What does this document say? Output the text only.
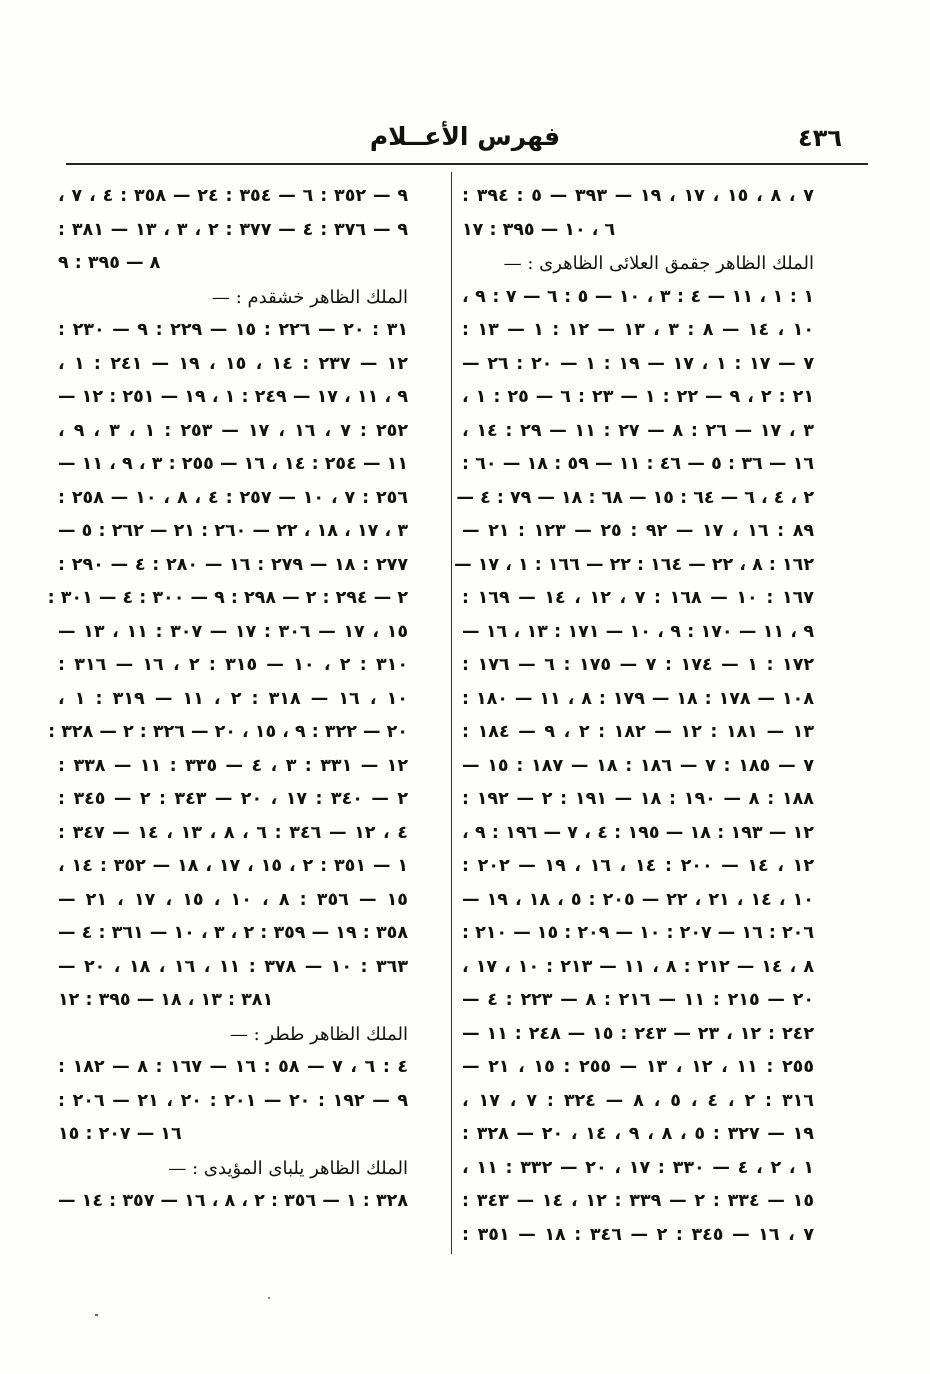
٤٣٦
فهرس الأعــلام
٧ ، ٨ ، ١٥ ، ١٧ ، ١٩ — ٣٩٣ — ٥ : ٣٩٤ :
٦ ، ١٠ — ٣٩٥ : ١٧
الملك الظاهر جقمق العلائى الظاهرى : —
١ : ١ ، ١١ — ٤ : ٣ ، ١٠ — ٥ : ٦ — ٧ : ٩ ،
١٠ ، ١٤ — ٨ : ٣ ، ١٣ — ١٢ : ١ — ١٣ :
٧ — ١٧ : ١ ، ١٧ — ١٩ : ١ — ٢٠ : ٢٦ —
٢١ : ٢ ، ٩ — ٢٢ : ١ — ٢٣ : ٦ — ٢٥ : ١ ،
٣ ، ١٧ — ٢٦ : ٨ — ٢٧ : ١١ — ٢٩ : ١٤ ،
١٦ — ٣٦ : ٥ — ٤٦ : ١١ — ٥٩ : ١٨ — ٦٠ :
٢ ، ٤ ، ٦ — ٦٤ : ١٥ — ٦٨ : ١٨ — ٧٩ : ٤ —
٨٩ : ١٦ ، ١٧ — ٩٢ : ٢٥ — ١٢٣ : ٢١ —
١٦٢ : ٨ ، ٢٢ — ١٦٤ : ٢٢ — ١٦٦ : ١ ، ١٧ —
١٦٧ : ١٠ — ١٦٨ : ٧ ، ١٢ ، ١٤ — ١٦٩ :
٩ ، ١١ — ١٧٠ : ٩ ، ١٠ — ١٧١ : ١٣ ، ١٦ —
١٧٢ : ١ — ١٧٤ : ٧ — ١٧٥ : ٦ — ١٧٦ :
١٠٨ — ١٧٨ : ١٨ — ١٧٩ : ٨ ، ١١ — ١٨٠ :
١٣ — ١٨١ : ١٢ — ١٨٢ : ٢ ، ٩ — ١٨٤ :
٧ — ١٨٥ : ٧ — ١٨٦ : ١٨ — ١٨٧ : ١٥ —
١٨٨ : ٨ — ١٩٠ : ١٨ — ١٩١ : ٢ — ١٩٢ :
١٢ — ١٩٣ : ١٨ — ١٩٥ : ٤ ، ٧ — ١٩٦ : ٩ ،
١٢ ، ١٤ — ٢٠٠ : ١٤ ، ١٦ ، ١٩ — ٢٠٢ :
١٠ ، ١٤ ، ٢١ ، ٢٢ — ٢٠٥ : ٥ ، ١٨ ، ١٩ —
٢٠٦ : ١٦ — ٢٠٧ : ١٠ — ٢٠٩ : ١٥ — ٢١٠ :
٨ ، ١٤ — ٢١٢ : ٨ ، ١١ — ٢١٣ : ١٠ ، ١٧ ،
٢٠ — ٢١٥ : ١١ — ٢١٦ : ٨ — ٢٢٣ : ٤ —
٢٤٢ : ١٢ ، ٢٣ — ٢٤٣ : ١٥ — ٢٤٨ : ١١ —
٢٥٥ : ١١ ، ١٢ ، ١٣ — ٢٥٥ : ١٥ ، ٢١ —
٣١٦ : ٢ ، ٤ ، ٥ ، ٨ — ٣٢٤ : ٧ ، ١٧ ،
١٩ — ٣٢٧ : ٥ ، ٨ ، ٩ ، ١٤ ، ٢٠ — ٣٢٨ :
١ ، ٢ ، ٤ — ٣٣٠ : ١٧ ، ٢٠ — ٣٣٢ : ١١ ،
١٥ — ٣٣٤ : ٢ — ٣٣٩ : ١٢ ، ١٤ — ٣٤٣ :
٧ ، ١٦ — ٣٤٥ : ٢ — ٣٤٦ : ١٨ — ٣٥١ :
٩ — ٣٥٢ : ٦ — ٣٥٤ : ٢٤ — ٣٥٨ : ٤ ، ٧ ،
٩ — ٣٧٦ : ٤ — ٣٧٧ : ٢ ، ٣ ، ١٣ — ٣٨١ :
٨ — ٣٩٥ : ٩
الملك الظاهر خشقدم : —
٣١ : ٢٠ — ٢٢٦ : ١٥ — ٢٢٩ : ٩ — ٢٣٠ :
١٢ — ٢٣٧ : ١٤ ، ١٥ ، ١٩ — ٢٤١ : ١ ،
٩ ، ١١ ، ١٧ — ٢٤٩ : ١ ، ١٩ — ٢٥١ : ١٢ —
٢٥٢ : ٧ ، ١٦ ، ١٧ — ٢٥٣ : ١ ، ٣ ، ٩ ،
١١ — ٢٥٤ : ١٤ ، ١٦ — ٢٥٥ : ٣ ، ٩ ، ١١ —
٢٥٦ : ٧ ، ١٠ — ٢٥٧ : ٤ ، ٨ ، ١٠ — ٢٥٨ :
٣ ، ١٧ ، ١٨ ، ٢٢ — ٢٦٠ : ٢١ — ٢٦٢ : ٥ —
٢٧٧ : ١٨ — ٢٧٩ : ١٦ — ٢٨٠ : ٤ — ٢٩٠ :
٢ — ٢٩٤ : ٢ — ٢٩٨ : ٩ — ٣٠٠ : ٤ — ٣٠١ :
١٥ ، ١٧ — ٣٠٦ : ١٧ — ٣٠٧ : ١١ ، ١٣ —
٣١٠ : ٢ ، ١٠ — ٣١٥ : ٢ ، ١٦ — ٣١٦ :
١٠ ، ١٦ — ٣١٨ : ٢ ، ١١ — ٣١٩ : ١ ،
٢٠ — ٣٢٢ : ٩ ، ١٥ ، ٢٠ — ٣٢٦ : ٢ — ٣٢٨ :
١٢ — ٣٣١ : ٣ ، ٤ — ٣٣٥ : ١١ — ٣٣٨ :
٢ — ٣٤٠ : ١٧ ، ٢٠ — ٣٤٣ : ٢ — ٣٤٥ :
٤ ، ١٢ — ٣٤٦ : ٦ ، ٨ ، ١٣ ، ١٤ — ٣٤٧ :
١ — ٣٥١ : ٢ ، ١٥ ، ١٧ ، ١٨ — ٣٥٢ : ١٤ ،
١٥ — ٣٥٦ : ٨ ، ١٠ ، ١٥ ، ١٧ ، ٢١ —
٣٥٨ : ١٩ — ٣٥٩ : ٢ ، ٣ ، ١٠ — ٣٦١ : ٤ —
٣٦٣ : ١٠ — ٣٧٨ : ١١ ، ١٦ ، ١٨ ، ٢٠ —
٣٨١ : ١٣ ، ١٨ — ٣٩٥ : ١٢
الملك الظاهر ططر : —
٤ : ٦ ، ٧ — ٥٨ : ١٦ — ١٦٧ : ٨ — ١٨٢ :
٩ — ١٩٢ : ٢٠ — ٢٠١ : ٢٠ ، ٢١ — ٢٠٦ :
١٦ — ٢٠٧ : ١٥
الملك الظاهر يلباى المؤيدى : —
٣٢٨ : ١ — ٣٥٦ : ٢ ، ٨ ، ١٦ — ٣٥٧ : ١٤ —
